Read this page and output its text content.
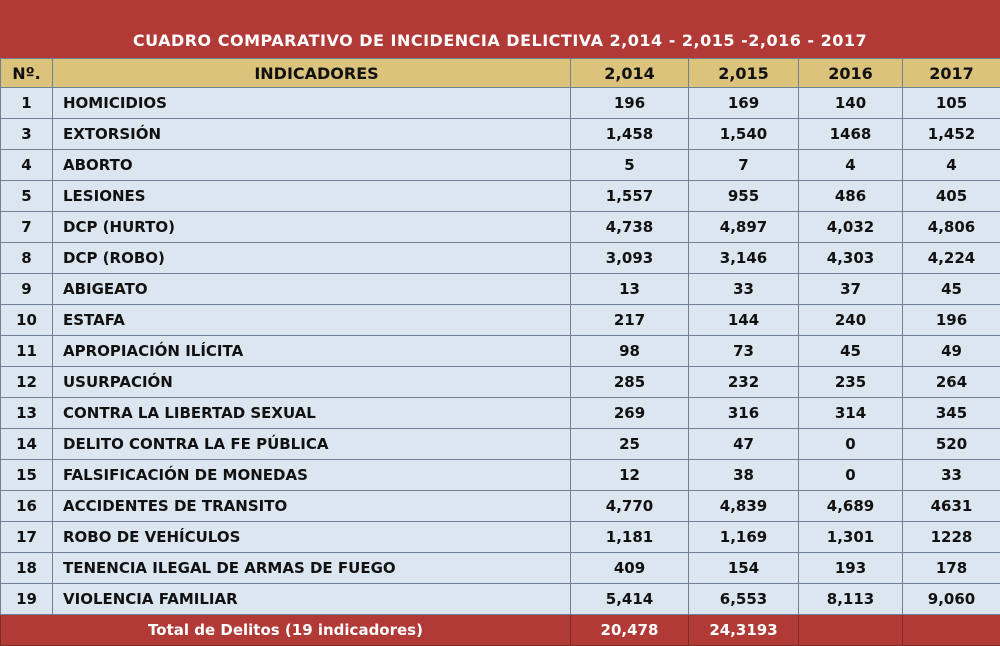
CUADRO COMPARATIVO DE INCIDENCIA DELICTIVA 2,014 - 2,015 -2,016 - 2017
Nº.	INDICADORES	2,014	2,015	2016	2017
1	HOMICIDIOS	196	169	140	105
3	EXTORSIÓN	1,458	1,540	1468	1,452
4	ABORTO	5	7	4	4
5	LESIONES	1,557	955	486	405
7	DCP (HURTO)	4,738	4,897	4,032	4,806
8	DCP (ROBO)	3,093	3,146	4,303	4,224
9	ABIGEATO	13	33	37	45
10	ESTAFA	217	144	240	196
11	APROPIACIÓN ILÍCITA	98	73	45	49
12	USURPACIÓN	285	232	235	264
13	CONTRA LA LIBERTAD SEXUAL	269	316	314	345
14	DELITO CONTRA LA FE PÚBLICA	25	47	0	520
15	FALSIFICACIÓN DE MONEDAS	12	38	0	33
16	ACCIDENTES DE TRANSITO	4,770	4,839	4,689	4631
17	ROBO DE VEHÍCULOS	1,181	1,169	1,301	1228
18	TENENCIA ILEGAL DE ARMAS DE FUEGO	409	154	193	178
19	VIOLENCIA FAMILIAR	5,414	6,553	8,113	9,060
Total de Delitos (19 indicadores)		20,478	24,3193		
